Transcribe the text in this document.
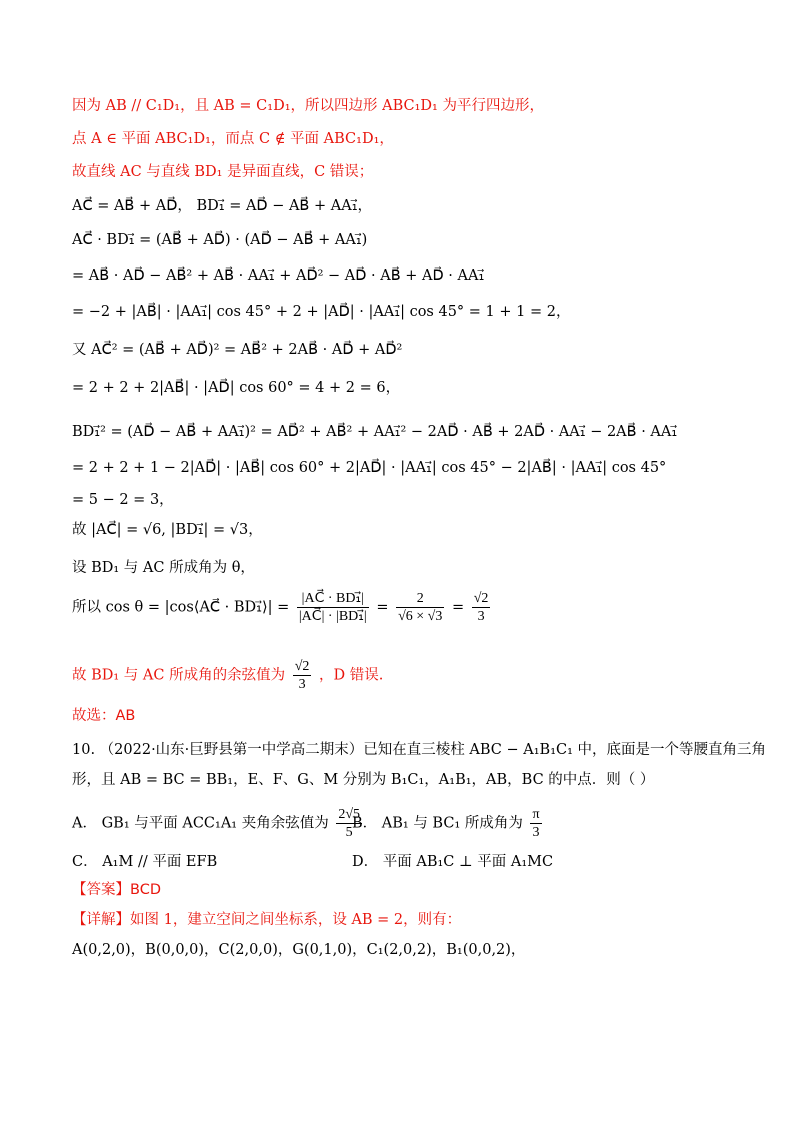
因为 AB // C₁D₁，且 AB = C₁D₁，所以四边形 ABC₁D₁ 为平行四边形，
点 A ∈ 平面 ABC₁D₁，而点 C ∉ 平面 ABC₁D₁，
故直线 AC 与直线 BD₁ 是异面直线，C 错误；
AC⃗ = AB⃗ + AD⃗， BD₁⃗ = AD⃗ − AB⃗ + AA₁⃗，
AC⃗ · BD₁⃗ = (AB⃗ + AD⃗) · (AD⃗ − AB⃗ + AA₁⃗)
= AB⃗ · AD⃗ − AB⃗² + AB⃗ · AA₁⃗ + AD⃗² − AD⃗ · AB⃗ + AD⃗ · AA₁⃗
= −2 + |AB⃗| · |AA₁⃗| cos 45° + 2 + |AD⃗| · |AA₁⃗| cos 45° = 1 + 1 = 2，
又 AC⃗² = (AB⃗ + AD⃗)² = AB⃗² + 2AB⃗ · AD⃗ + AD⃗²
= 2 + 2 + 2|AB⃗| · |AD⃗| cos 60° = 4 + 2 = 6，
BD₁⃗² = (AD⃗ − AB⃗ + AA₁⃗)² = AD⃗² + AB⃗² + AA₁⃗² − 2AD⃗ · AB⃗ + 2AD⃗ · AA₁⃗ − 2AB⃗ · AA₁⃗
= 2 + 2 + 1 − 2|AD⃗| · |AB⃗| cos 60° + 2|AD⃗| · |AA₁⃗| cos 45° − 2|AB⃗| · |AA₁⃗| cos 45°
= 5 − 2 = 3，
故 |AC⃗| = √6, |BD₁⃗| = √3，
设 BD₁ 与 AC 所成角为 θ，
所以 cos θ = |cos⟨AC⃗ · BD₁⃗⟩| = $\frac{\text{|AC⃗ · BD₁⃗|}}{\text{|AC⃗| · |BD₁⃗|}} = \frac{2}{√6 \times √3} = \frac{√2}{3}$
故 BD₁ 与 AC 所成角的余弦值为 $\frac{√2}{3}$ ，D 错误.
故选：AB
10. （2022·山东·巨野县第一中学高二期末）已知在直三棱柱 ABC − A₁B₁C₁ 中，底面是一个等腰直角三角
形，且 AB = BC = BB₁，E、F、G、M 分别为 B₁C₁，A₁B₁，AB，BC 的中点．则（ ）
A． GB₁ 与平面 ACC₁A₁ 夹角余弦值为 $\frac{2√5}{5}$
B． AB₁ 与 BC₁ 所成角为 $\frac{\pi}{3}$
C． A₁M // 平面 EFB	D． 平面 AB₁C ⊥ 平面 A₁MC
【答案】BCD
【详解】如图 1，建立空间之间坐标系，设 AB = 2，则有：
A(0,2,0)，B(0,0,0)，C(2,0,0)，G(0,1,0)，C₁(2,0,2)，B₁(0,0,2)，
